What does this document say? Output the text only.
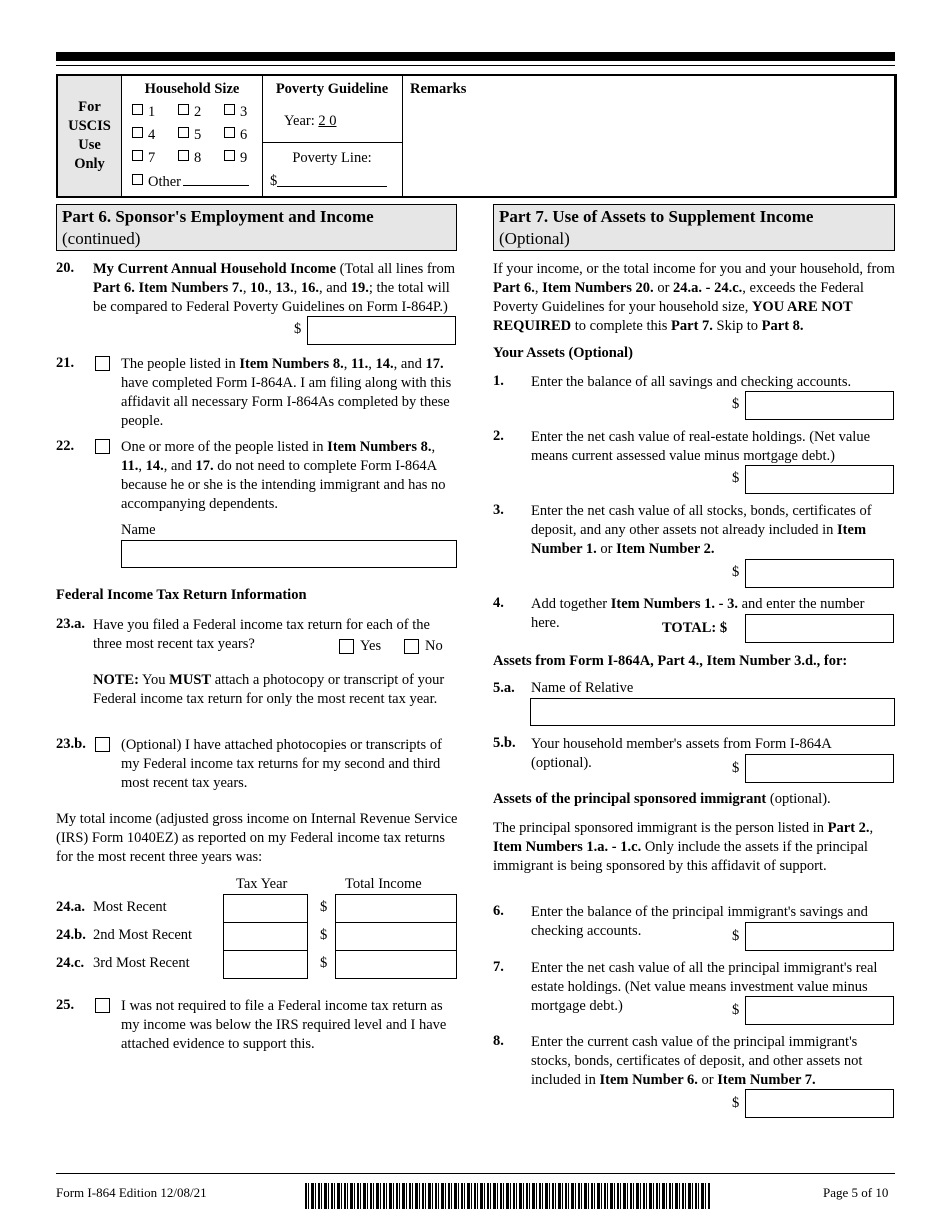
For USCIS Use Only
Household Size
1	2	3
4	5	6
7	8	9
Other
Poverty Guideline
Year: 2 0
Poverty Line:
$
Remarks
Part 6. Sponsor's Employment and Income
(continued)
20. My Current Annual Household Income (Total all lines from Part 6. Item Numbers 7., 10., 13., 16., and 19.; the total will be compared to Federal Poverty Guidelines on Form I-864P.)
$
21.	The people listed in Item Numbers 8., 11., 14., and 17. have completed Form I-864A. I am filing along with this affidavit all necessary Form I-864As completed by these people.
22.	One or more of the people listed in Item Numbers 8., 11., 14., and 17. do not need to complete Form I-864A because he or she is the intending immigrant and has no accompanying dependents.
Name
Federal Income Tax Return Information
23.a. Have you filed a Federal income tax return for each of the three most recent tax years?	Yes	No
NOTE: You MUST attach a photocopy or transcript of your Federal income tax return for only the most recent tax year.
23.b. (Optional) I have attached photocopies or transcripts of my Federal income tax returns for my second and third most recent tax years.
My total income (adjusted gross income on Internal Revenue Service (IRS) Form 1040EZ) as reported on my Federal income tax returns for the most recent three years was:
Tax Year	Total Income
24.a. Most Recent	$
24.b. 2nd Most Recent	$
24.c. 3rd Most Recent	$
25.	I was not required to file a Federal income tax return as my income was below the IRS required level and I have attached evidence to support this.
Part 7. Use of Assets to Supplement Income
(Optional)
If your income, or the total income for you and your household, from Part 6., Item Numbers 20. or 24.a. - 24.c., exceeds the Federal Poverty Guidelines for your household size, YOU ARE NOT REQUIRED to complete this Part 7. Skip to Part 8.
Your Assets (Optional)
1. Enter the balance of all savings and checking accounts.
$
2. Enter the net cash value of real-estate holdings. (Net value means current assessed value minus mortgage debt.)
$
3. Enter the net cash value of all stocks, bonds, certificates of deposit, and any other assets not already included in Item Number 1. or Item Number 2.
$
4. Add together Item Numbers 1. - 3. and enter the number here.	TOTAL: $
Assets from Form I-864A, Part 4., Item Number 3.d., for:
5.a. Name of Relative
5.b. Your household member's assets from Form I-864A (optional).	$
Assets of the principal sponsored immigrant (optional).
The principal sponsored immigrant is the person listed in Part 2., Item Numbers 1.a. - 1.c. Only include the assets if the principal immigrant is being sponsored by this affidavit of support.
6. Enter the balance of the principal immigrant's savings and checking accounts.	$
7. Enter the net cash value of all the principal immigrant's real estate holdings. (Net value means investment value minus mortgage debt.)	$
8. Enter the current cash value of the principal immigrant's stocks, bonds, certificates of deposit, and other assets not included in Item Number 6. or Item Number 7.
$
Form I-864 Edition 12/08/21	Page 5 of 10
